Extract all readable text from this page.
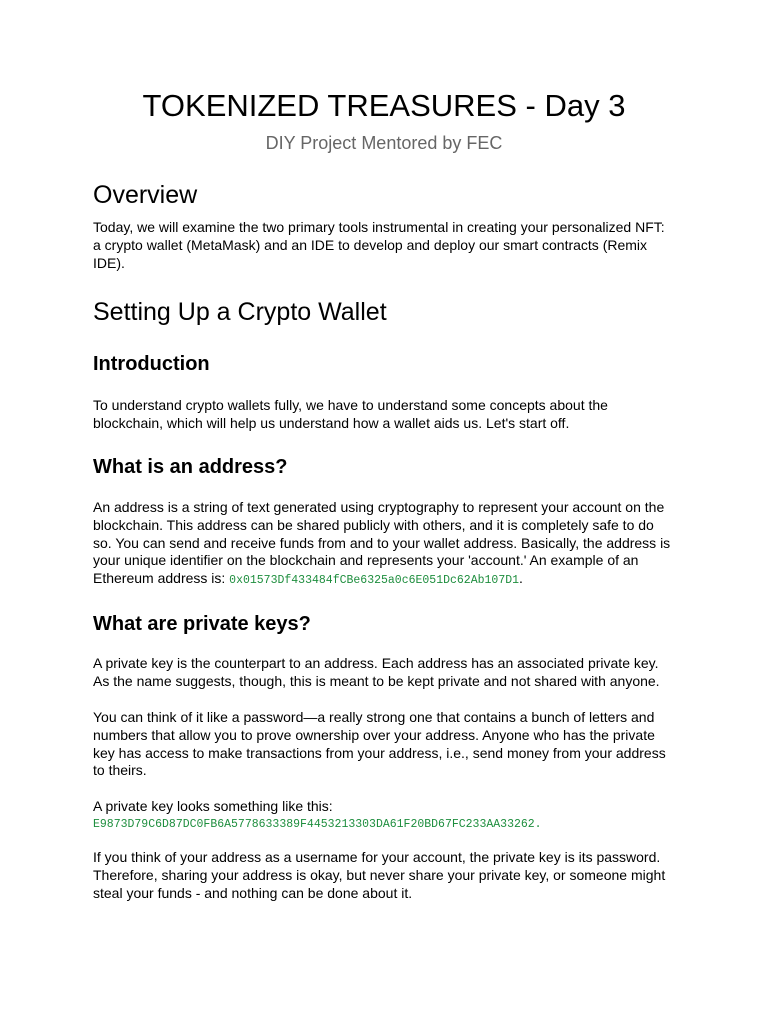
TOKENIZED TREASURES - Day 3
DIY Project Mentored by FEC
Overview

Today, we will examine the two primary tools instrumental in creating your personalized NFT: a crypto wallet (MetaMask) and an IDE to develop and deploy our smart contracts (Remix IDE).

Setting Up a Crypto Wallet
Introduction

To understand crypto wallets fully, we have to understand some concepts about the blockchain, which will help us understand how a wallet aids us. Let's start off.

What is an address?

An address is a string of text generated using cryptography to represent your account on the blockchain. This address can be shared publicly with others, and it is completely safe to do so. You can send and receive funds from and to your wallet address. Basically, the address is your unique identifier on the blockchain and represents your 'account.' An example of an Ethereum address is: 0x01573Df433484fCBe6325a0c6E051Dc62Ab107D1.

What are private keys?

A private key is the counterpart to an address. Each address has an associated private key. As the name suggests, though, this is meant to be kept private and not shared with anyone.

You can think of it like a password—a really strong one that contains a bunch of letters and numbers that allow you to prove ownership over your address. Anyone who has the private key has access to make transactions from your address, i.e., send money from your address to theirs.

A private key looks something like this:

E9873D79C6D87DC0FB6A5778633389F4453213303DA61F20BD67FC233AA33262.

If you think of your address as a username for your account, the private key is its password. Therefore, sharing your address is okay, but never share your private key, or someone might steal your funds - and nothing can be done about it.
